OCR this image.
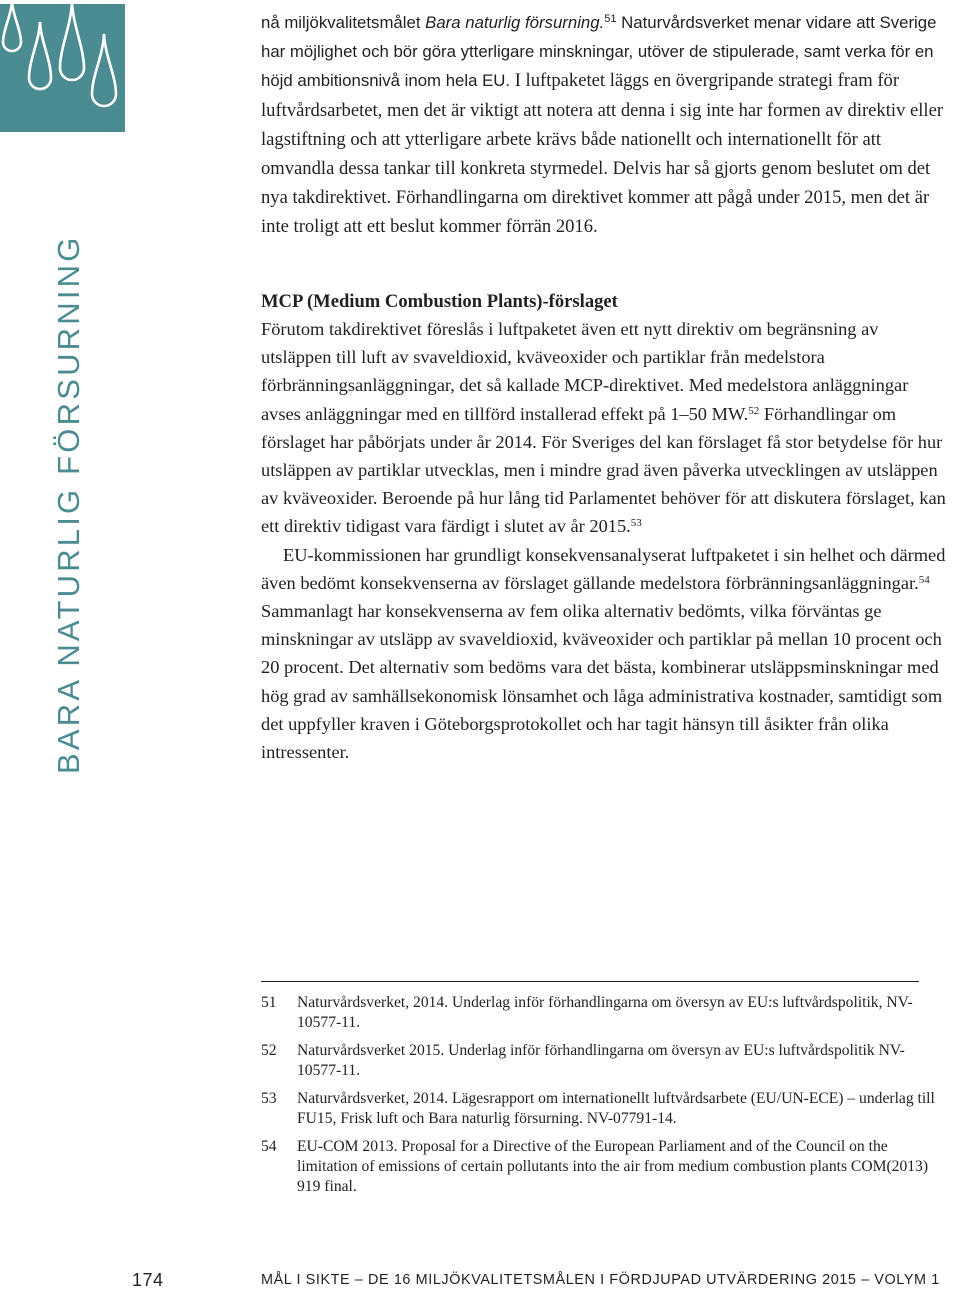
BARA NATURLIG FÖRSURNING

nå miljökvalitetsmålet Bara naturlig försurning.$^{51}$ Naturvårdsverket menar vidare att Sverige har möjlighet och bör göra ytterligare minskningar, utöver de stipulerade, samt verka för en höjd ambitionsnivå inom hela EU. I luftpaketet läggs en övergripande strategi fram för luftvårdsarbetet, men det är viktigt att notera att denna i sig inte har formen av direktiv eller lagstiftning och att ytterligare arbete krävs både nationellt och internationellt för att omvandla dessa tankar till konkreta styrmedel. Delvis har så gjorts genom beslutet om det nya takdirektivet. Förhandlingarna om direktivet kommer att pågå under 2015, men det är inte troligt att ett beslut kommer förrän 2016.

MCP (Medium Combustion Plants)-förslaget

Förutom takdirektivet föreslås i luftpaketet även ett nytt direktiv om begränsning av utsläppen till luft av svaveldioxid, kväveoxider och partiklar från medelstora förbränningsanläggningar, det så kallade MCP-direktivet. Med medelstora anläggningar avses anläggningar med en tillförd installerad effekt på 1–50 MW.$^{52}$ Förhandlingar om förslaget har påbörjats under år 2014. För Sveriges del kan förslaget få stor betydelse för hur utsläppen av partiklar utvecklas, men i mindre grad även påverka utvecklingen av utsläppen av kväveoxider. Beroende på hur lång tid Parlamentet behöver för att diskutera förslaget, kan ett direktiv tidigast vara färdigt i slutet av år 2015.53

EU-kommissionen har grundligt konsekvensanalyserat luftpaketet i sin helhet och därmed även bedömt konsekvenserna av förslaget gällande medelstora förbränningsanläggningar.$^{54}$ Sammanlagt har konsekvenserna av fem olika alternativ bedömts, vilka förväntas ge minskningar av utsläpp av svaveldioxid, kväveoxider och partiklar på mellan 10 procent och 20 procent. Det alternativ som bedöms vara det bästa, kombinerar utsläppsminskningar med hög grad av samhällsekonomisk lönsamhet och låga administrativa kostnader, samtidigt som det uppfyller kraven i Göteborgsprotokollet och har tagit hänsyn till åsikter från olika intressenter.

51	Naturvårdsverket, 2014. Underlag inför förhandlingarna om översyn av EU:s luftvårdspolitik, NV-10577-11.
52	Naturvårdsverket 2015. Underlag inför förhandlingarna om översyn av EU:s luftvårdspolitik NV-10577-11.
53	Naturvårdsverket, 2014. Lägesrapport om internationellt luftvårdsarbete (EU/UN-ECE) – underlag till FU15, Frisk luft och Bara naturlig försurning. NV-07791-14.
54	EU-COM 2013. Proposal for a Directive of the European Parliament and of the Council on the limitation of emissions of certain pollutants into the air from medium combustion plants COM(2013) 919 final.
174	MÅL I SIKTE – DE 16 MILJÖKVALITETSMÅLEN I FÖRDJUPAD UTVÄRDERING 2015 – VOLYM 1
